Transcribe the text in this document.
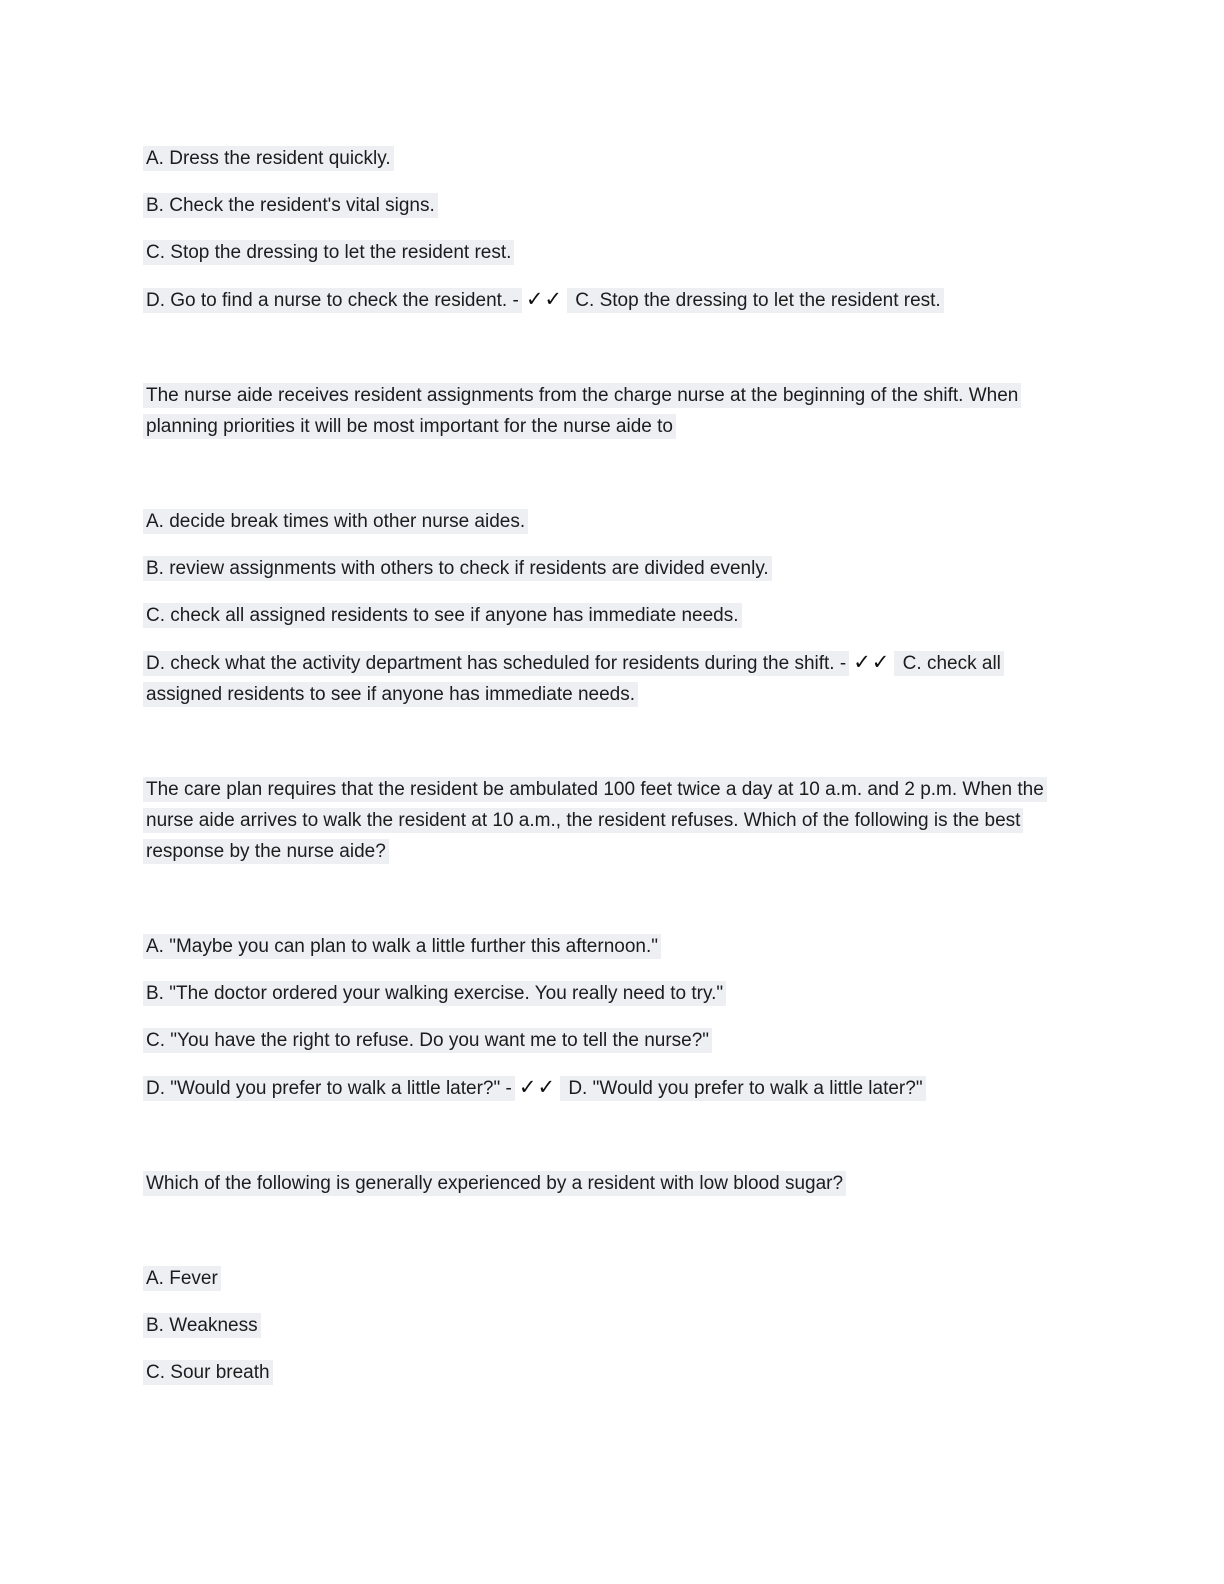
A. Dress the resident quickly.

B. Check the resident's vital signs.

C. Stop the dressing to let the resident rest.

D. Go to find a nurse to check the resident. - ✓✓ C. Stop the dressing to let the resident rest.

The nurse aide receives resident assignments from the charge nurse at the beginning of the shift. When planning priorities it will be most important for the nurse aide to

A. decide break times with other nurse aides.

B. review assignments with others to check if residents are divided evenly.

C. check all assigned residents to see if anyone has immediate needs.

D. check what the activity department has scheduled for residents during the shift. - ✓✓ C. check all assigned residents to see if anyone has immediate needs.

The care plan requires that the resident be ambulated 100 feet twice a day at 10 a.m. and 2 p.m. When the nurse aide arrives to walk the resident at 10 a.m., the resident refuses. Which of the following is the best response by the nurse aide?

A. "Maybe you can plan to walk a little further this afternoon."

B. "The doctor ordered your walking exercise. You really need to try."

C. "You have the right to refuse. Do you want me to tell the nurse?"

D. "Would you prefer to walk a little later?" - ✓✓ D. "Would you prefer to walk a little later?"

Which of the following is generally experienced by a resident with low blood sugar?

A. Fever

B. Weakness

C. Sour breath
